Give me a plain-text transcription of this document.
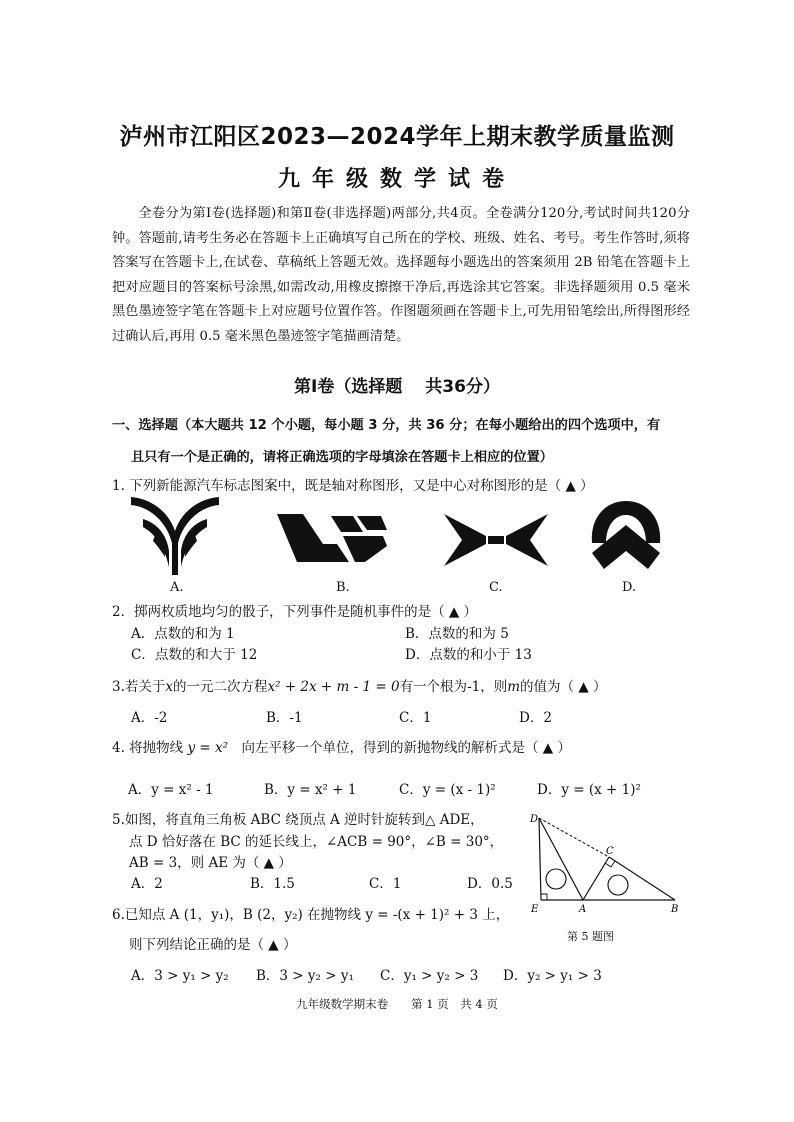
泸州市江阳区2023—2024学年上期末教学质量监测
九年级数学试卷
全卷分为第Ⅰ卷(选择题)和第Ⅱ卷(非选择题)两部分,共4页。全卷满分120分,考试时间共120分钟。答题前,请考生务必在答题卡上正确填写自己所在的学校、班级、姓名、考号。考生作答时,须将答案写在答题卡上,在试卷、草稿纸上答题无效。选择题每小题选出的答案须用 2B 铅笔在答题卡上把对应题目的答案标号涂黑,如需改动,用橡皮擦擦干净后,再选涂其它答案。非选择题须用 0.5 毫米黑色墨迹签字笔在答题卡上对应题号位置作答。作图题须画在答题卡上,可先用铅笔绘出,所得图形经过确认后,再用 0.5 毫米黑色墨迹签字笔描画清楚。
第Ⅰ卷（选择题　 共36分）
一、选择题（本大题共 12 个小题，每小题 3 分，共 36 分；在每小题给出的四个选项中，有
且只有一个是正确的，请将正确选项的字母填涂在答题卡上相应的位置）
1. 下列新能源汽车标志图案中，既是轴对称图形，又是中心对称图形的是（ ▲ ）
A.	B.	C.	D.
2．掷两枚质地均匀的骰子，下列事件是随机事件的是（ ▲ ）
A．点数的和为 1	B．点数的和为 5
C．点数的和大于 12	D．点数的和小于 13
3.若关于x的一元二次方程x² + 2x + m - 1 = 0有一个根为-1，则m的值为（ ▲ ）
A．-2	B．-1	C．1	D．2
4. 将抛物线 y = x²　 向左平移一个单位，得到的新抛物线的解析式是（ ▲ ）
A．y = x² - 1	B．y = x² + 1	C．y = (x - 1)²	D．y = (x + 1)²
5.如图，将直角三角板 ABC 绕顶点 A 逆时针旋转到△ ADE，
点 D 恰好落在 BC 的延长线上，∠ACB = 90°，∠B = 30°，
AB = 3，则 AE 为（ ▲ ）
A．2	B．1.5	C．1	D．0.5
D
C
E	A	B
第 5 题图
6.已知点 A (1，y₁)，B (2，y₂) 在抛物线 y = -(x + 1)² + 3 上，
则下列结论正确的是（ ▲ ）
A．3 > y₁ > y₂ B．3 > y₂ > y₁ C．y₁ > y₂ > 3 D．y₂ > y₁ > 3
九年级数学期末卷　　第 1 页　共 4 页
